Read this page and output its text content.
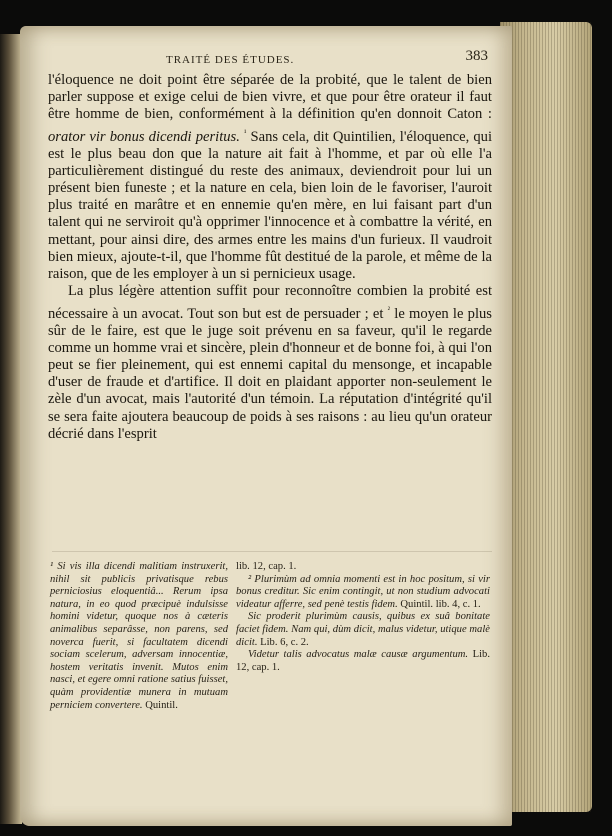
TRAITÉ DES ÉTUDES.	383

l'éloquence ne doit point être séparée de la probité, que le talent de bien parler suppose et exige celui de bien vivre, et que pour être orateur il faut être homme de bien, conformément à la définition qu'en donnoit Caton : orator vir bonus dicendi peritus. $^{^1}$ Sans cela, dit Quintilien, l'éloquence, qui est le plus beau don que la nature ait fait à l'homme, et par où elle l'a particulièrement distingué du reste des animaux, deviendroit pour lui un présent bien funeste ; et la nature en cela, bien loin de le favoriser, l'auroit plus traité en marâtre et en ennemie qu'en mère, en lui faisant part d'un talent qui ne serviroit qu'à opprimer l'innocence et à combattre la vérité, en mettant, pour ainsi dire, des armes entre les mains d'un furieux. Il vaudroit bien mieux, ajoute-t-il, que l'homme fût destitué de la parole, et même de la raison, que de les employer à un si pernicieux usage.

La plus légère attention suffit pour reconnoître combien la probité est nécessaire à un avocat. Tout son but est de persuader ; et $^{^2}$ le moyen le plus sûr de le faire, est que le juge soit prévenu en sa faveur, qu'il le regarde comme un homme vrai et sincère, plein d'honneur et de bonne foi, à qui l'on peut se fier pleinement, qui est ennemi capital du mensonge, et incapable d'user de fraude et d'artifice. Il doit en plaidant apporter non-seulement le zèle d'un avocat, mais l'autorité d'un témoin. La réputation d'intégrité qu'il se sera faite ajoutera beaucoup de poids à ses raisons : au lieu qu'un orateur décrié dans l'esprit

¹ Si vis illa dicendi malitiam instruxerit, nihil sit publicis privatisque rebus perniciosius eloquentiâ... Rerum ipsa natura, in eo quod præcipuè indulsisse homini videtur, quoque nos à cæteris animalibus separâsse, non parens, sed noverca fuerit, si facultatem dicendi sociam scelerum, adversam innocentiæ, hostem veritatis invenit. Mutos enim nasci, et egere omni ratione satius fuisset, quàm providentiæ munera in mutuam perniciem convertere. Quintil.

lib. 12, cap. 1.

² Plurimùm ad omnia momenti est in hoc positum, si vir bonus creditur. Sic enim contingit, ut non studium advocati videatur afferre, sed penè testis fidem. Quintil. lib. 4, c. 1.

Sic proderit plurimùm causis, quibus ex suâ bonitate faciet fidem. Nam qui, dùm dicit, malus videtur, utique malè dicit. Lib. 6, c. 2.

Videtur talis advocatus malæ causæ argumentum. Lib. 12, cap. 1.
